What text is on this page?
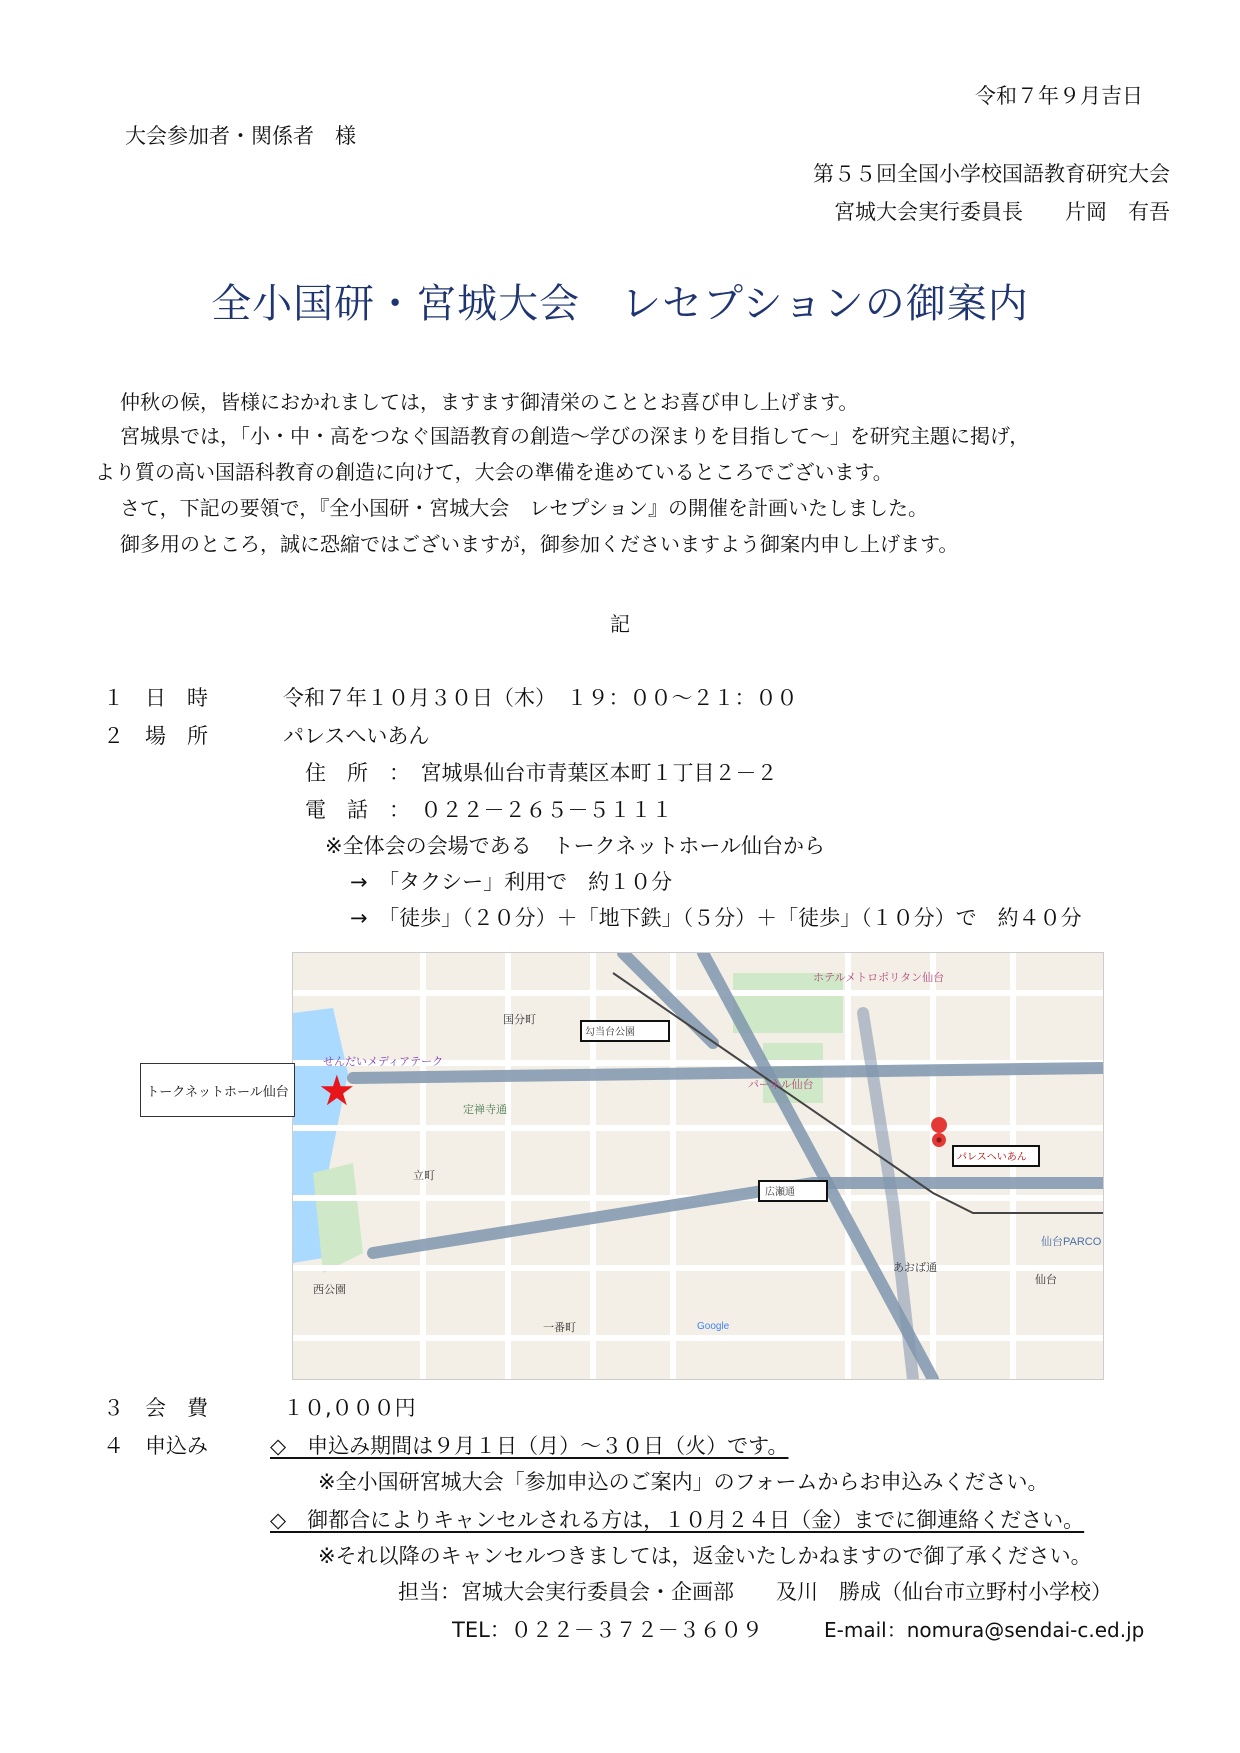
令和７年９月吉日
大会参加者・関係者　様
第５５回全国小学校国語教育研究大会
宮城大会実行委員長　　片岡　有吾
全小国研・宮城大会　レセプションの御案内
仲秋の候，皆様におかれましては，ますます御清栄のこととお喜び申し上げます。
宮城県では，「小・中・高をつなぐ国語教育の創造～学びの深まりを目指して～」を研究主題に掲げ，
より質の高い国語科教育の創造に向けて，大会の準備を進めているところでございます。
さて，下記の要領で，『全小国研・宮城大会　レセプション』の開催を計画いたしました。
御多用のところ，誠に恐縮ではございますが，御参加くださいますよう御案内申し上げます。
記
１　日　時	令和７年１０月３０日（木）　１９：００～２１：００
２　場　所	パレスへいあん
住　所　：　宮城県仙台市青葉区本町１丁目２－２
電　話　：　０２２－２６５－５１１１
※全体会の会場である　トークネットホール仙台から
→　「タクシー」利用で　約１０分
→　「徒歩」（２０分）＋「地下鉄」（５分）＋「徒歩」（１０分）で　約４０分
勾当台公園
広瀬通
パレスへいあん
せんだいメディアテーク
ホテルメトロポリタン仙台
仙台PARCO
仙台
あおば通
西公園
定禅寺通
国分町
立町
一番町
パーネル仙台
Google
トークネットホール仙台 ★
３　会　費	１０,０００円
４　申込み	◇　申込み期間は９月１日（月）～３０日（火）です。
※全小国研宮城大会「参加申込のご案内」のフォームからお申込みください。
◇　御都合によりキャンセルされる方は，１０月２４日（金）までに御連絡ください。
※それ以降のキャンセルつきましては，返金いたしかねますので御了承ください。
担当：宮城大会実行委員会・企画部　　及川　勝成（仙台市立野村小学校）
TEL：０２２－３７２－３６０９	E-mail：nomura@sendai-c.ed.jp
